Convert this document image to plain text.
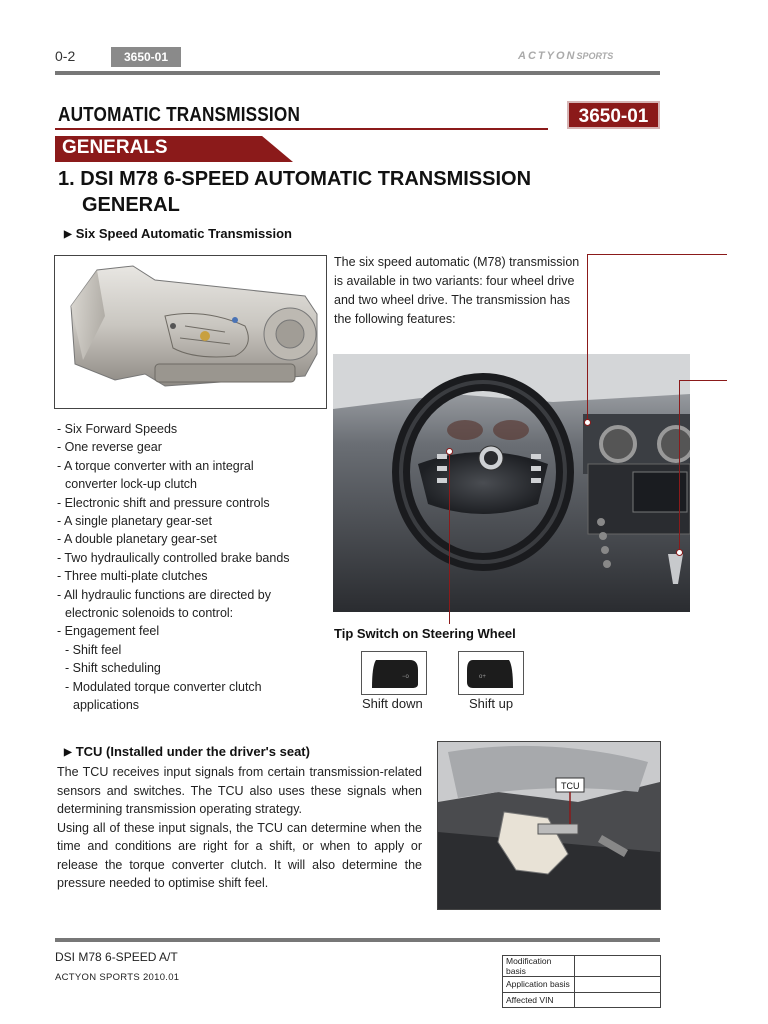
0-2	3650-01	ACTYONSPORTS
AUTOMATIC TRANSMISSION	3650-01
GENERALS
1. DSI M78 6-SPEED AUTOMATIC TRANSMISSION
GENERAL
▶ Six Speed Automatic Transmission
The six speed automatic (M78) transmission is available in two variants: four wheel drive and two wheel drive. The transmission has the following features:
- Six Forward Speeds
- One reverse gear
- A torque converter with an integral
converter lock-up clutch
- Electronic shift and pressure controls
- A single planetary gear-set
- A double planetary gear-set
- Two hydraulically controlled brake bands
- Three multi-plate clutches
- All hydraulic functions are directed by
electronic solenoids to control:
- Engagement feel
- Shift feel
- Shift scheduling
- Modulated torque converter clutch
applications
Tip Switch on Steering Wheel
−o	o+
Shift down	Shift up
▶ TCU (Installed under the driver's seat)

The TCU receives input signals from certain transmission-related sensors and switches. The TCU also uses these signals when determining transmission operating strategy.

Using all of these input signals, the TCU can determine when the time and conditions are right for a shift, or when to apply or release the torque converter clutch. It will also determine the pressure needed to optimise shift feel.

TCU
DSI M78 6-SPEED A/T
ACTYON SPORTS 2010.01
Modification basis	
Application basis	
Affected VIN	
